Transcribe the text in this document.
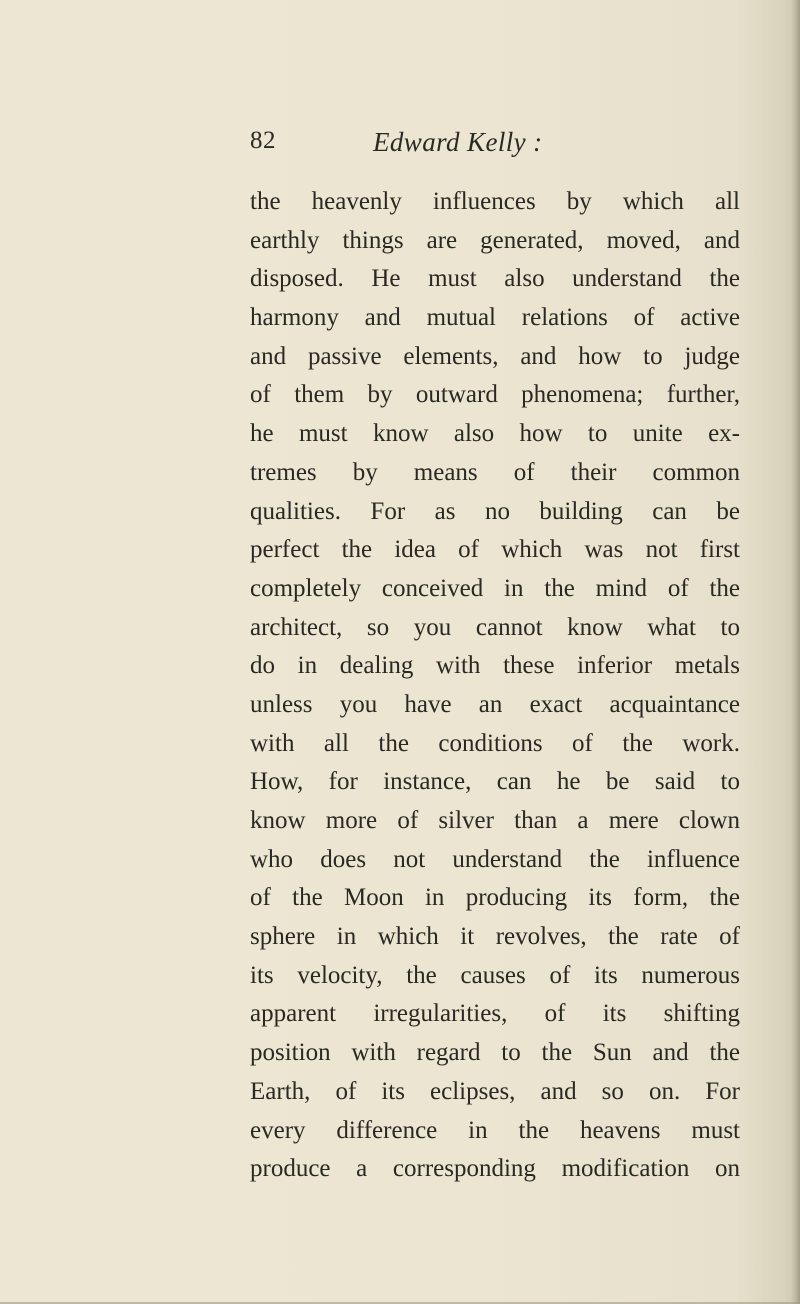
82	Edward Kelly :
the heavenly influences by which all
earthly things are generated, moved, and
disposed. He must also understand the
harmony and mutual relations of active
and passive elements, and how to judge
of them by outward phenomena; further,
he must know also how to unite ex-
tremes by means of their common
qualities. For as no building can be
perfect the idea of which was not first
completely conceived in the mind of the
architect, so you cannot know what to
do in dealing with these inferior metals
unless you have an exact acquaintance
with all the conditions of the work.
How, for instance, can he be said to
know more of silver than a mere clown
who does not understand the influence
of the Moon in producing its form, the
sphere in which it revolves, the rate of
its velocity, the causes of its numerous
apparent irregularities, of its shifting
position with regard to the Sun and the
Earth, of its eclipses, and so on. For
every difference in the heavens must
produce a corresponding modification on
